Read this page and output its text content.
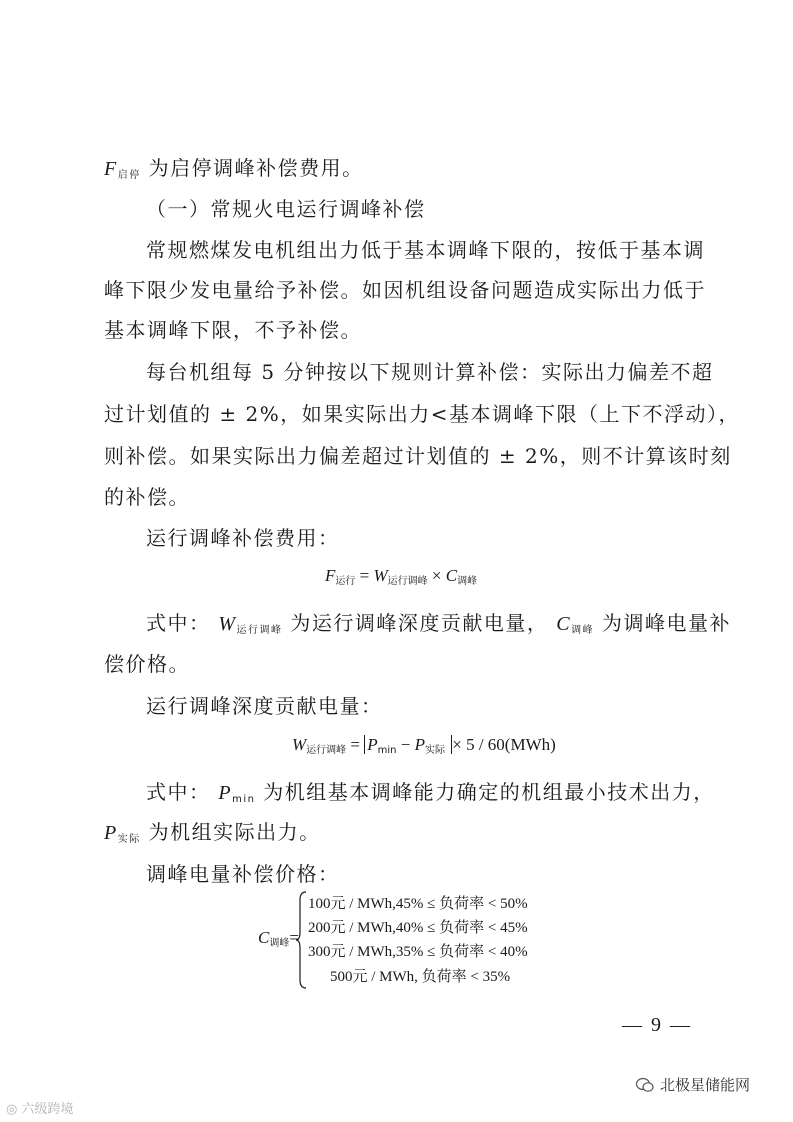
$F_{启停}$ 为启停调峰补偿费用。
（一）常规火电运行调峰补偿
常规燃煤发电机组出力低于基本调峰下限的，按低于基本调
峰下限少发电量给予补偿。如因机组设备问题造成实际出力低于
基本调峰下限，不予补偿。
每台机组每 5 分钟按以下规则计算补偿：实际出力偏差不超
过计划值的 ± 2%，如果实际出力<基本调峰下限（上下不浮动），
则补偿。如果实际出力偏差超过计划值的 ± 2%，则不计算该时刻
的补偿。
运行调峰补偿费用：
$F_{运行} = W_{运行调峰} \times C_{调峰}$
式中： $W_{运行调峰}$ 为运行调峰深度贡献电量， $C_{调峰}$ 为调峰电量补
偿价格。
运行调峰深度贡献电量：
$W_{运行调峰} = P_{min} - P_{实际} \times 5 / 60(MWh)$
式中： $P_{min}$ 为机组基本调峰能力确定的机组最小技术出力，
$P_{实际}$ 为机组实际出力。
调峰电量补偿价格：
$C_{调峰}=$
100元 / MWh,45% ≤ 负荷率 < 50%
200元 / MWh,40% ≤ 负荷率 < 45%
300元 / MWh,35% ≤ 负荷率 < 40%
500元 / MWh, 负荷率 < 35%
— 9 —
◎ 六级跨境
北极星储能网
